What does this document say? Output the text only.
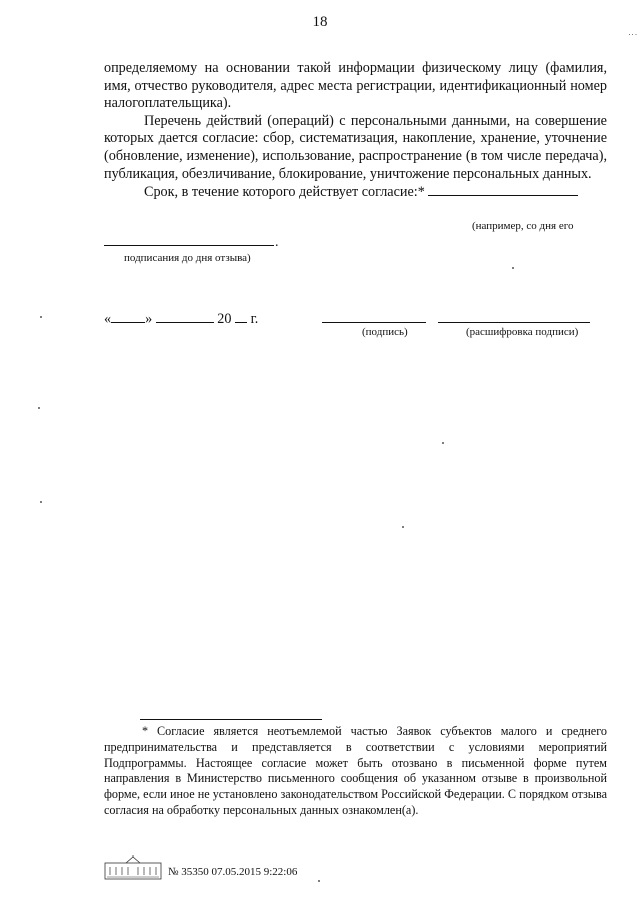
18
⋮

определяемому на основании такой информации физическому лицу (фамилия, имя, отчество руководителя, адрес места регистрации, идентификационный номер налогоплательщика).

Перечень действий (операций) с персональными данными, на совершение которых дается согласие: сбор, систематизация, накопление, хранение, уточнение (обновление, изменение), использование, распространение (в том числе передача), публикация, обезличивание, блокирование, уничтожение персональных данных.

Срок, в течение которого действует согласие:*

(например, со дня его
.
подписания до дня отзыва)
« »	20 г.
(подпись)	(расшифровка подписи)

* Согласие является неотъемлемой частью Заявок субъектов малого и среднего предпринимательства и представляется в соответствии с условиями мероприятий Подпрограммы. Настоящее согласие может быть отозвано в письменной форме путем направления в Министерство письменного сообщения об указанном отзыве в произвольной форме, если иное не установлено законодательством Российской Федерации. С порядком отзыва согласия на обработку персональных данных ознакомлен(а).

№ 35350 07.05.2015 9:22:06
